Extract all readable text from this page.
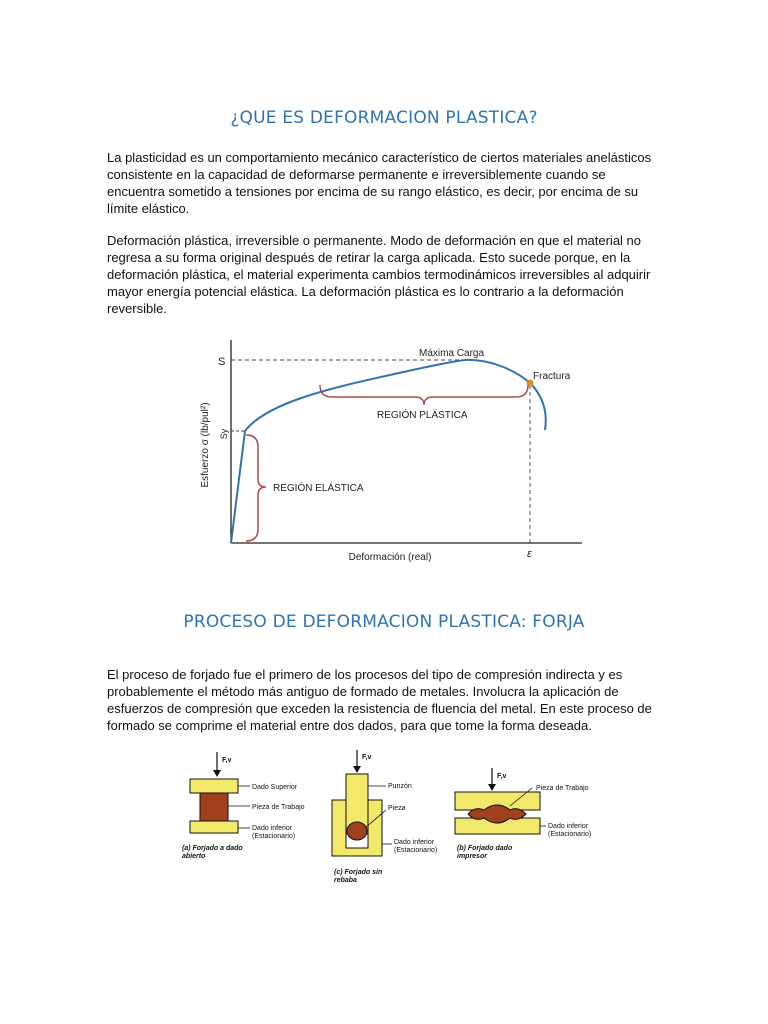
¿QUE ES DEFORMACION PLASTICA?

La plasticidad es un comportamiento mecánico característico de ciertos materiales anelásticos consistente en la capacidad de deformarse permanente e irreversiblemente cuando se encuentra sometido a tensiones por encima de su rango elástico, es decir, por encima de su límite elástico.

Deformación plástica, irreversible o permanente. Modo de deformación en que el material no regresa a su forma original después de retirar la carga aplicada. Esto sucede porque, en la deformación plástica, el material experimenta cambios termodinámicos irreversibles al adquirir mayor energía potencial elástica. La deformación plástica es lo contrario a la deformación reversible.

S
Sy
Máxima Carga
Fractura
REGIÓN PLÁSTICA
REGIÓN ELÁSTICA
ε
Deformación (real)
Esfuerzo σ (lb/pul²)
PROCESO DE DEFORMACION PLASTICA: FORJA

El proceso de forjado fue el primero de los procesos del tipo de compresión indirecta y es probablemente el método más antiguo de formado de metales. Involucra la aplicación de esfuerzos de compresión que exceden la resistencia de fluencia del metal. En este proceso de formado se comprime el material entre dos dados, para que tome la forma deseada.

F,v
Dado Superior
Pieza de Trabajo
Dado inferior
(Estacionario)
(a) Forjado a dado
abierto
F,v
Punzón
Pieza
Dado inferior
(Estacionario)
(c) Forjado sin
rebaba
F,v
Pieza de Trabajo
Dado inferior
(Estacionario)
(b) Forjado dado
impresor
